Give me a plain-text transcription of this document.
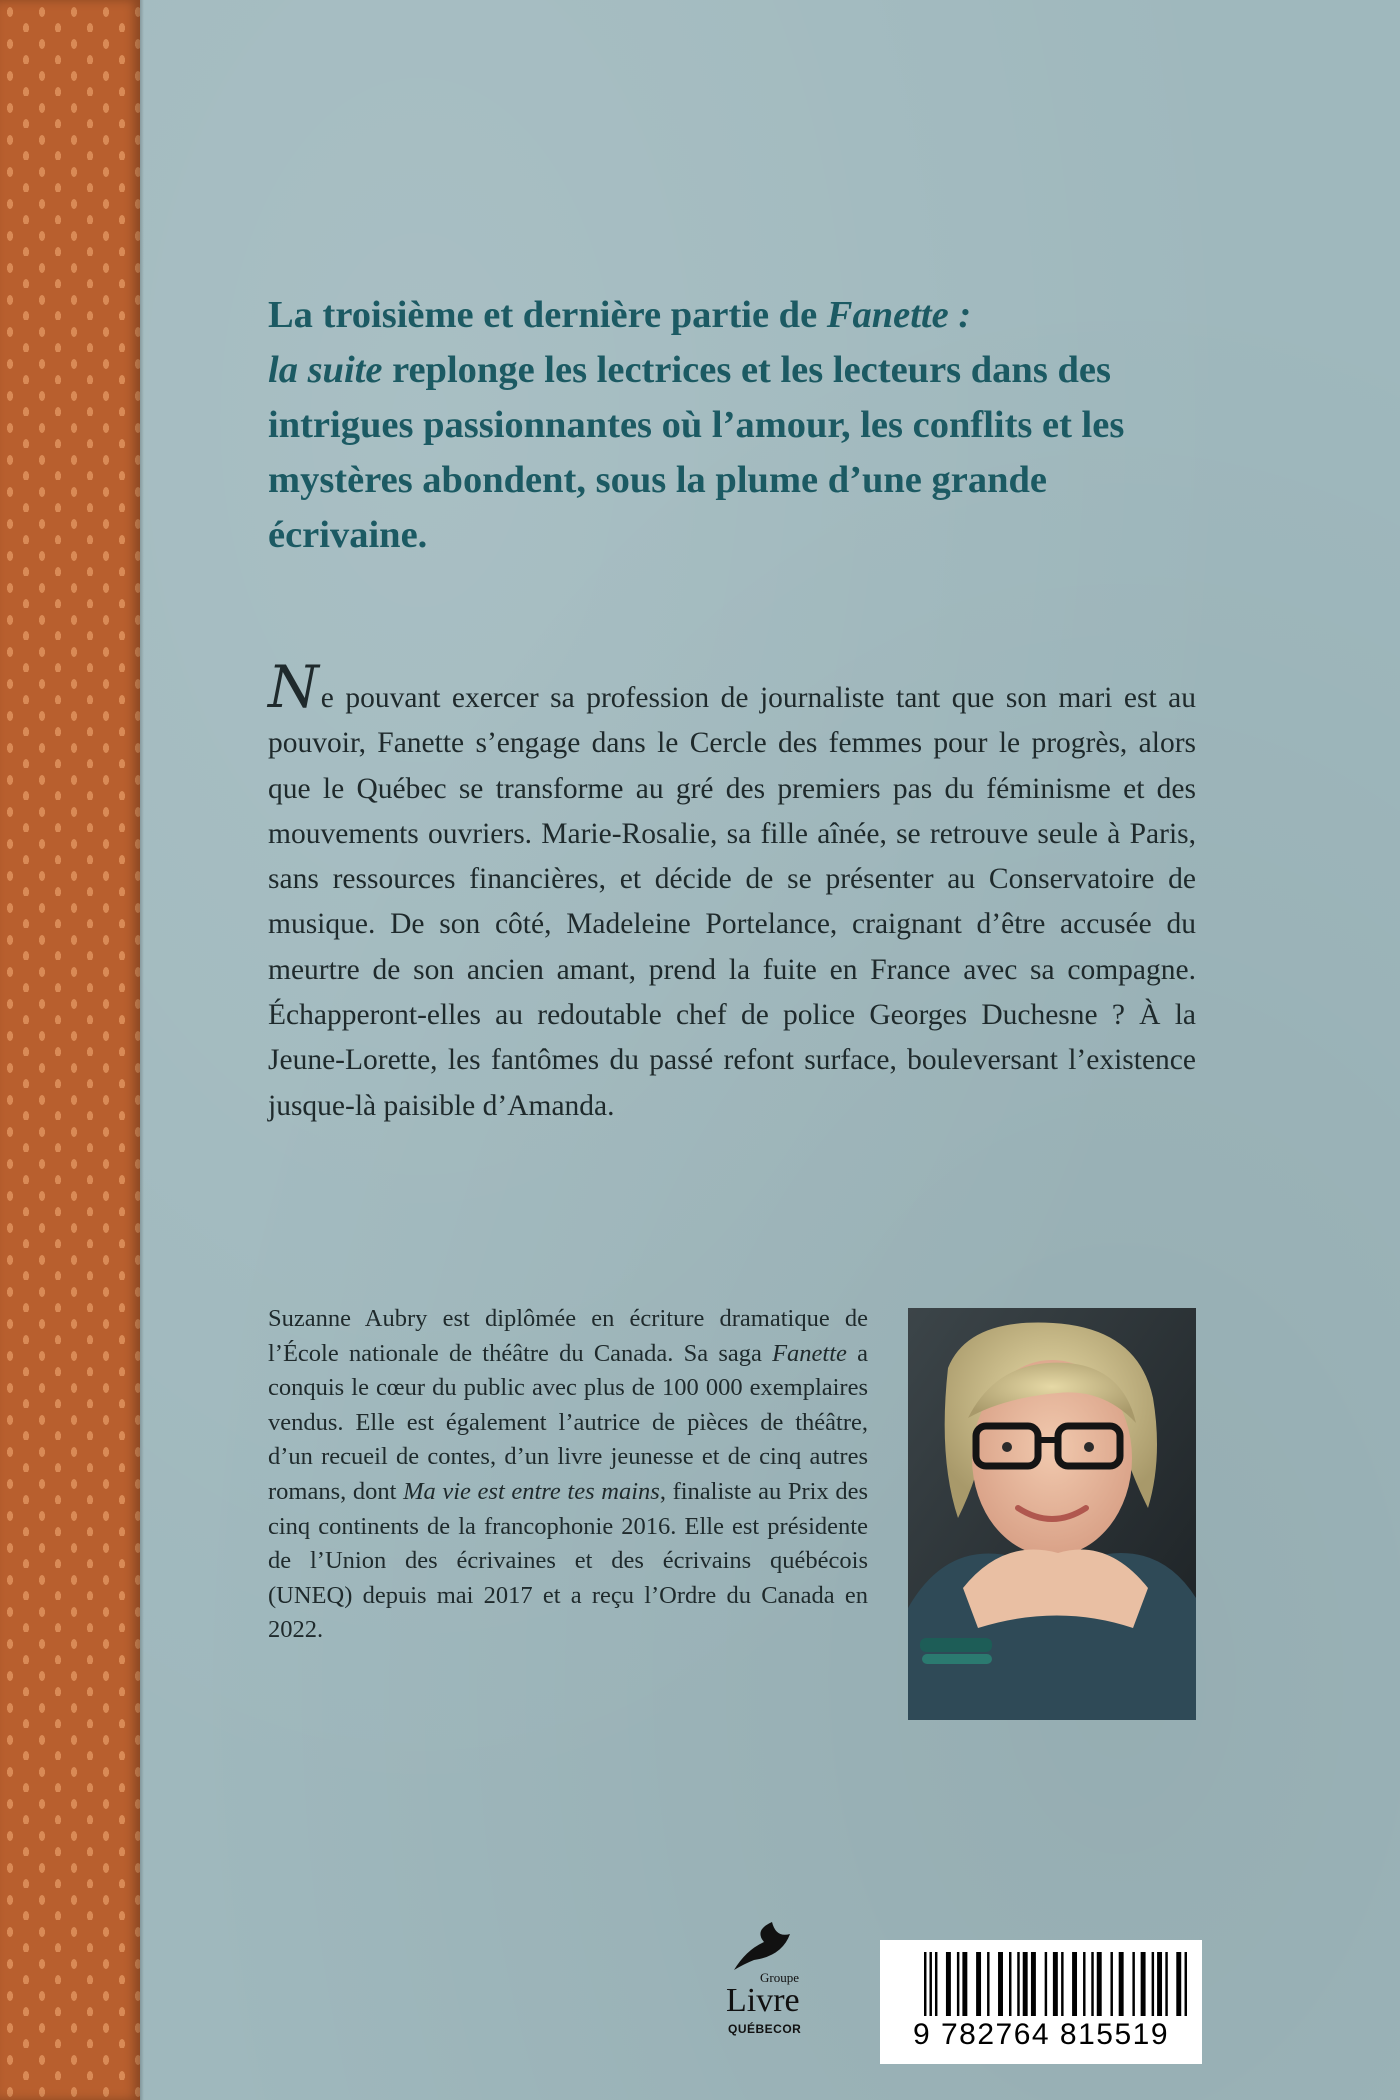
La troisième et dernière partie de Fanette :
la suite replonge les lectrices et les lecteurs dans des intrigues passionnantes où l’amour, les conflits et les mystères abondent, sous la plume d’une grande écrivaine.

Ne pouvant exercer sa profession de journaliste tant que son mari est au pouvoir, Fanette s’engage dans le Cercle des femmes pour le progrès, alors que le Québec se transforme au gré des premiers pas du féminisme et des mouvements ouvriers. Marie-Rosalie, sa fille aînée, se retrouve seule à Paris, sans ressources financières, et décide de se présenter au Conservatoire de musique. De son côté, Madeleine Portelance, craignant d’être accusée du meurtre de son ancien amant, prend la fuite en France avec sa compagne. Échapperont-elles au redoutable chef de police Georges Duchesne ? À la Jeune-Lorette, les fantômes du passé refont surface, bouleversant l’existence jusque-là paisible d’Amanda.

Suzanne Aubry est diplômée en écriture dramatique de l’École nationale de théâtre du Canada. Sa saga Fanette a conquis le cœur du public avec plus de 100 000 exemplaires vendus. Elle est également l’autrice de pièces de théâtre, d’un recueil de contes, d’un livre jeunesse et de cinq autres romans, dont Ma vie est entre tes mains, finaliste au Prix des cinq continents de la francophonie 2016. Elle est présidente de l’Union des écrivaines et des écrivains québécois (UNEQ) depuis mai 2017 et a reçu l’Ordre du Canada en 2022.

Groupe
Livre
QUÉBECOR	9 782764 815519
